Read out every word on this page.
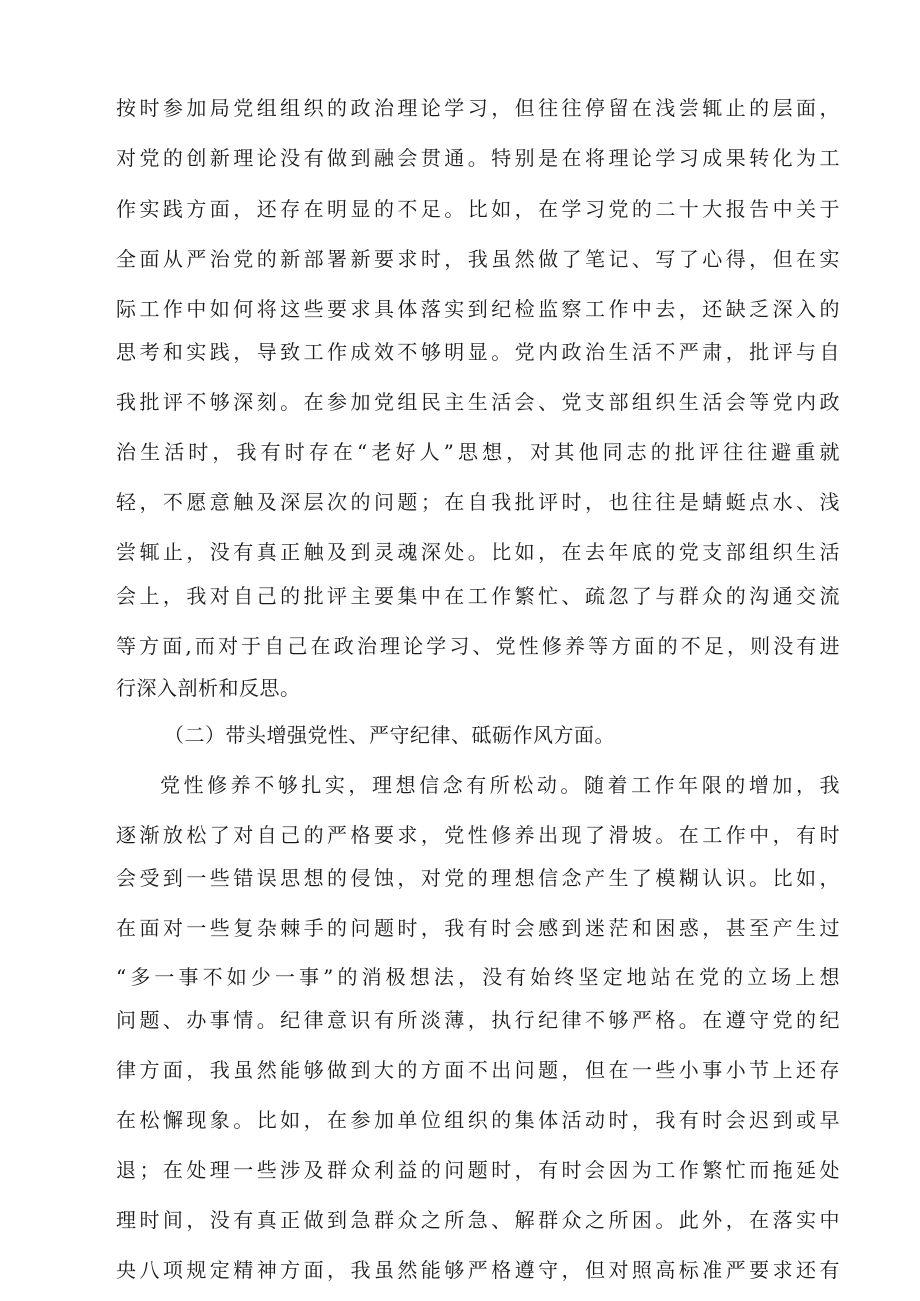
按时参加局党组组织的政治理论学习，但往往停留在浅尝辄止的层面，
对党的创新理论没有做到融会贯通。特别是在将理论学习成果转化为工
作实践方面，还存在明显的不足。比如，在学习党的二十大报告中关于
全面从严治党的新部署新要求时，我虽然做了笔记、写了心得，但在实
际工作中如何将这些要求具体落实到纪检监察工作中去，还缺乏深入的
思考和实践，导致工作成效不够明显。党内政治生活不严肃，批评与自
我批评不够深刻。在参加党组民主生活会、党支部组织生活会等党内政
治生活时，我有时存在“老好人”思想，对其他同志的批评往往避重就
轻，不愿意触及深层次的问题；在自我批评时，也往往是蜻蜓点水、浅
尝辄止，没有真正触及到灵魂深处。比如，在去年底的党支部组织生活
会上，我对自己的批评主要集中在工作繁忙、疏忽了与群众的沟通交流
等方面,而对于自己在政治理论学习、党性修养等方面的不足，则没有进
行深入剖析和反思。
（二）带头增强党性、严守纪律、砥砺作风方面。
党性修养不够扎实，理想信念有所松动。随着工作年限的增加，我
逐渐放松了对自己的严格要求，党性修养出现了滑坡。在工作中，有时
会受到一些错误思想的侵蚀，对党的理想信念产生了模糊认识。比如，
在面对一些复杂棘手的问题时，我有时会感到迷茫和困惑，甚至产生过
“多一事不如少一事”的消极想法，没有始终坚定地站在党的立场上想
问题、办事情。纪律意识有所淡薄，执行纪律不够严格。在遵守党的纪
律方面，我虽然能够做到大的方面不出问题，但在一些小事小节上还存
在松懈现象。比如，在参加单位组织的集体活动时，我有时会迟到或早
退；在处理一些涉及群众利益的问题时，有时会因为工作繁忙而拖延处
理时间，没有真正做到急群众之所急、解群众之所困。此外，在落实中
央八项规定精神方面，我虽然能够严格遵守，但对照高标准严要求还有
